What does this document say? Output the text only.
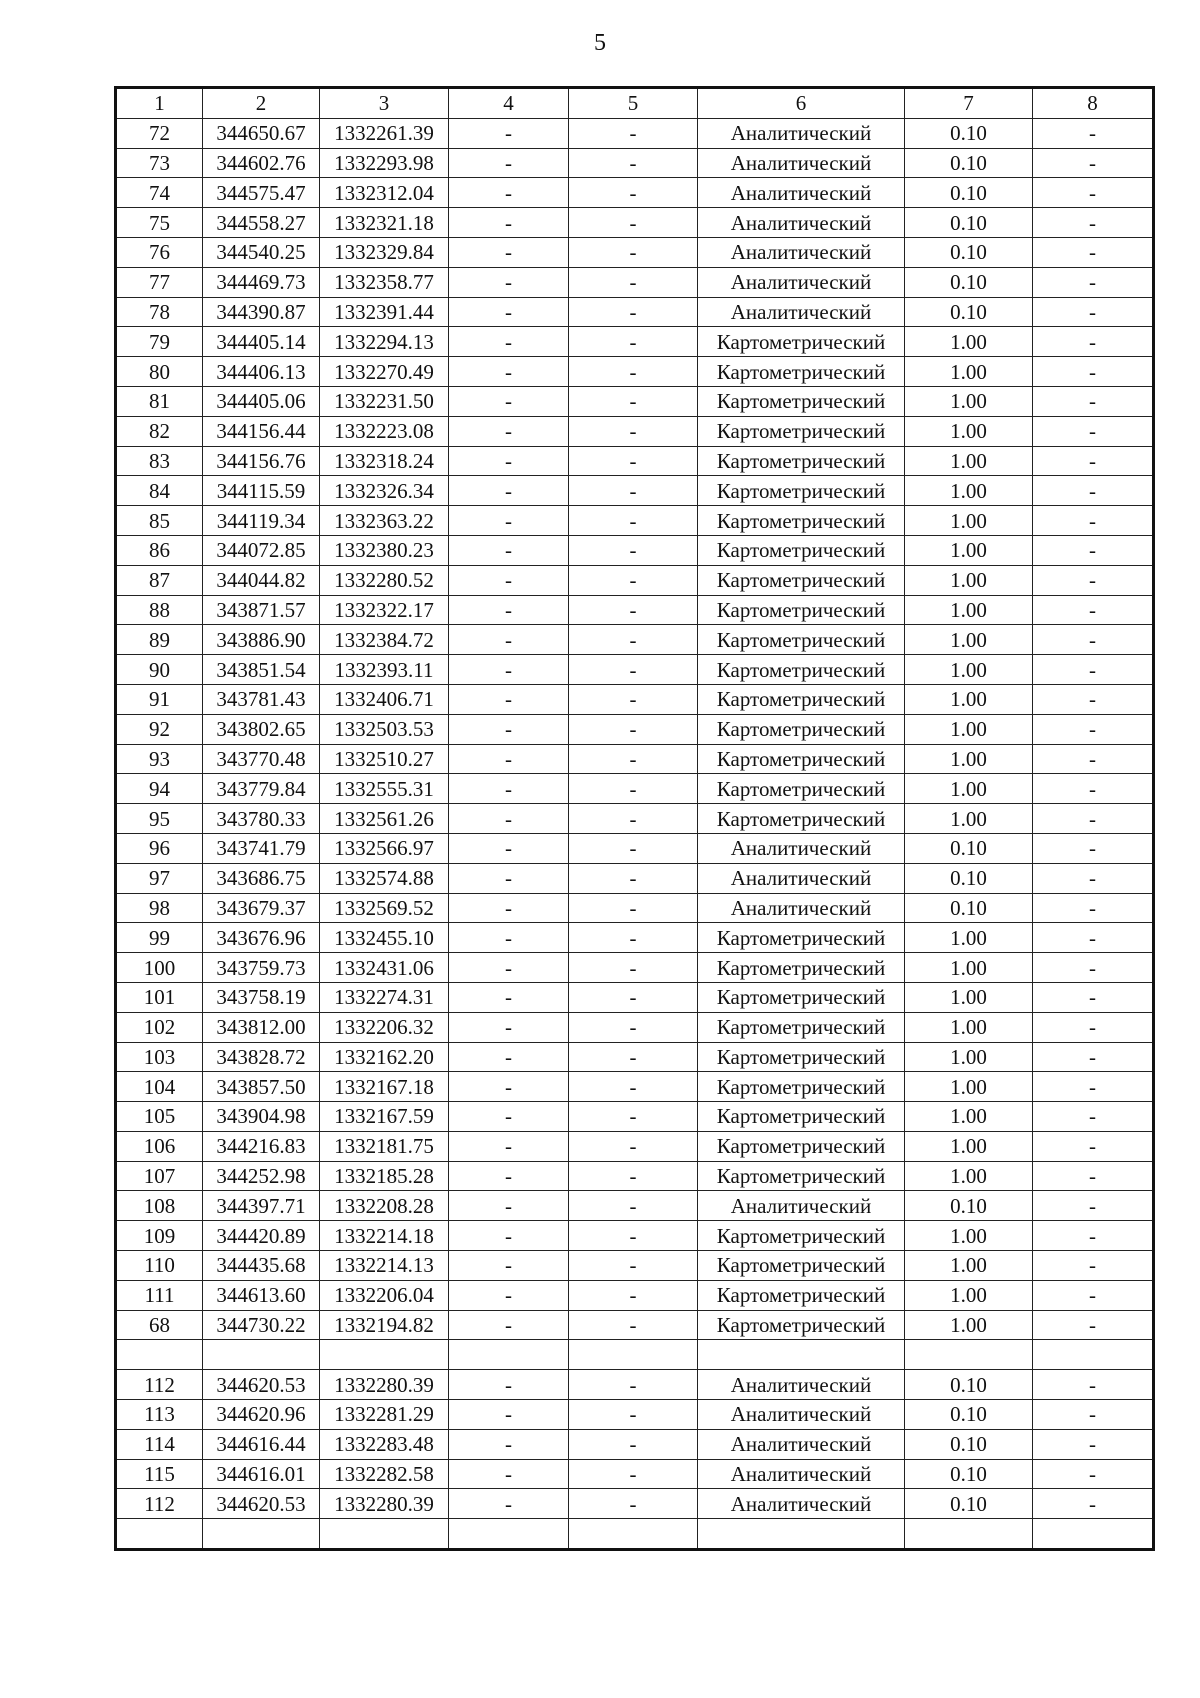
5
1	2	3	4	5	6	7	8
72	344650.67	1332261.39	-	-	Аналитический	0.10	-
73	344602.76	1332293.98	-	-	Аналитический	0.10	-
74	344575.47	1332312.04	-	-	Аналитический	0.10	-
75	344558.27	1332321.18	-	-	Аналитический	0.10	-
76	344540.25	1332329.84	-	-	Аналитический	0.10	-
77	344469.73	1332358.77	-	-	Аналитический	0.10	-
78	344390.87	1332391.44	-	-	Аналитический	0.10	-
79	344405.14	1332294.13	-	-	Картометрический	1.00	-
80	344406.13	1332270.49	-	-	Картометрический	1.00	-
81	344405.06	1332231.50	-	-	Картометрический	1.00	-
82	344156.44	1332223.08	-	-	Картометрический	1.00	-
83	344156.76	1332318.24	-	-	Картометрический	1.00	-
84	344115.59	1332326.34	-	-	Картометрический	1.00	-
85	344119.34	1332363.22	-	-	Картометрический	1.00	-
86	344072.85	1332380.23	-	-	Картометрический	1.00	-
87	344044.82	1332280.52	-	-	Картометрический	1.00	-
88	343871.57	1332322.17	-	-	Картометрический	1.00	-
89	343886.90	1332384.72	-	-	Картометрический	1.00	-
90	343851.54	1332393.11	-	-	Картометрический	1.00	-
91	343781.43	1332406.71	-	-	Картометрический	1.00	-
92	343802.65	1332503.53	-	-	Картометрический	1.00	-
93	343770.48	1332510.27	-	-	Картометрический	1.00	-
94	343779.84	1332555.31	-	-	Картометрический	1.00	-
95	343780.33	1332561.26	-	-	Картометрический	1.00	-
96	343741.79	1332566.97	-	-	Аналитический	0.10	-
97	343686.75	1332574.88	-	-	Аналитический	0.10	-
98	343679.37	1332569.52	-	-	Аналитический	0.10	-
99	343676.96	1332455.10	-	-	Картометрический	1.00	-
100	343759.73	1332431.06	-	-	Картометрический	1.00	-
101	343758.19	1332274.31	-	-	Картометрический	1.00	-
102	343812.00	1332206.32	-	-	Картометрический	1.00	-
103	343828.72	1332162.20	-	-	Картометрический	1.00	-
104	343857.50	1332167.18	-	-	Картометрический	1.00	-
105	343904.98	1332167.59	-	-	Картометрический	1.00	-
106	344216.83	1332181.75	-	-	Картометрический	1.00	-
107	344252.98	1332185.28	-	-	Картометрический	1.00	-
108	344397.71	1332208.28	-	-	Аналитический	0.10	-
109	344420.89	1332214.18	-	-	Картометрический	1.00	-
110	344435.68	1332214.13	-	-	Картометрический	1.00	-
111	344613.60	1332206.04	-	-	Картометрический	1.00	-
68	344730.22	1332194.82	-	-	Картометрический	1.00	-

112	344620.53	1332280.39	-	-	Аналитический	0.10	-
113	344620.96	1332281.29	-	-	Аналитический	0.10	-
114	344616.44	1332283.48	-	-	Аналитический	0.10	-
115	344616.01	1332282.58	-	-	Аналитический	0.10	-
112	344620.53	1332280.39	-	-	Аналитический	0.10	-
